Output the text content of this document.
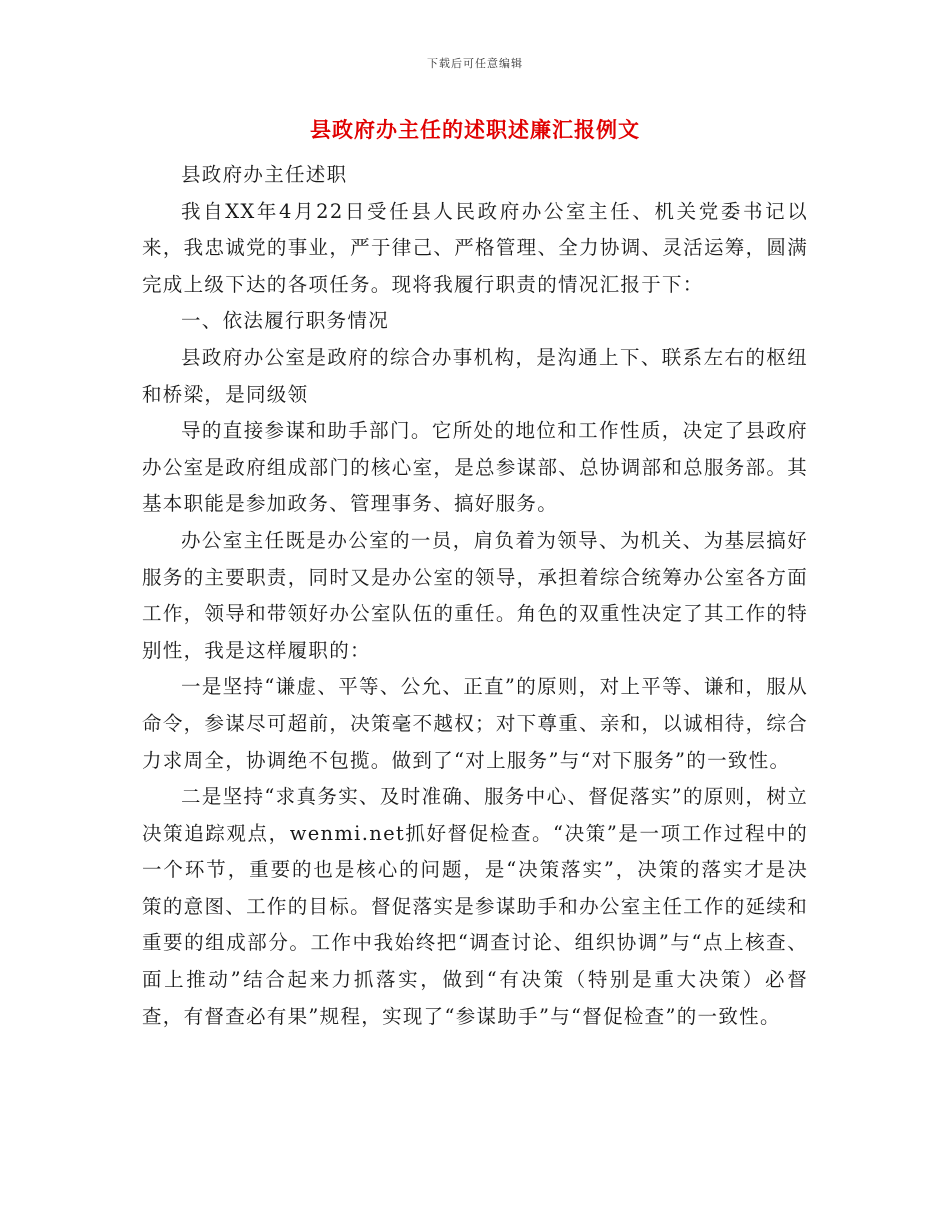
下载后可任意编辑
县政府办主任的述职述廉汇报例文

县政府办主任述职

我自XX年4月22日受任县人民政府办公室主任、机关党委书记以来，我忠诚党的事业，严于律己、严格管理、全力协调、灵活运筹，圆满完成上级下达的各项任务。现将我履行职责的情况汇报于下：

一、依法履行职务情况

县政府办公室是政府的综合办事机构，是沟通上下、联系左右的枢纽和桥梁，是同级领

导的直接参谋和助手部门。它所处的地位和工作性质，决定了县政府办公室是政府组成部门的核心室，是总参谋部、总协调部和总服务部。其基本职能是参加政务、管理事务、搞好服务。

办公室主任既是办公室的一员，肩负着为领导、为机关、为基层搞好服务的主要职责，同时又是办公室的领导，承担着综合统筹办公室各方面工作，领导和带领好办公室队伍的重任。角色的双重性决定了其工作的特别性，我是这样履职的：

一是坚持“谦虚、平等、公允、正直”的原则，对上平等、谦和，服从命令，参谋尽可超前，决策毫不越权；对下尊重、亲和，以诚相待，综合力求周全，协调绝不包揽。做到了“对上服务”与“对下服务”的一致性。

二是坚持“求真务实、及时准确、服务中心、督促落实”的原则，树立决策追踪观点，wenmi.net抓好督促检查。“决策”是一项工作过程中的一个环节，重要的也是核心的问题，是“决策落实”，决策的落实才是决策的意图、工作的目标。督促落实是参谋助手和办公室主任工作的延续和重要的组成部分。工作中我始终把“调查讨论、组织协调”与“点上核查、面上推动”结合起来力抓落实，做到“有决策（特别是重大决策）必督查，有督查必有果”规程，实现了“参谋助手”与“督促检查”的一致性。
